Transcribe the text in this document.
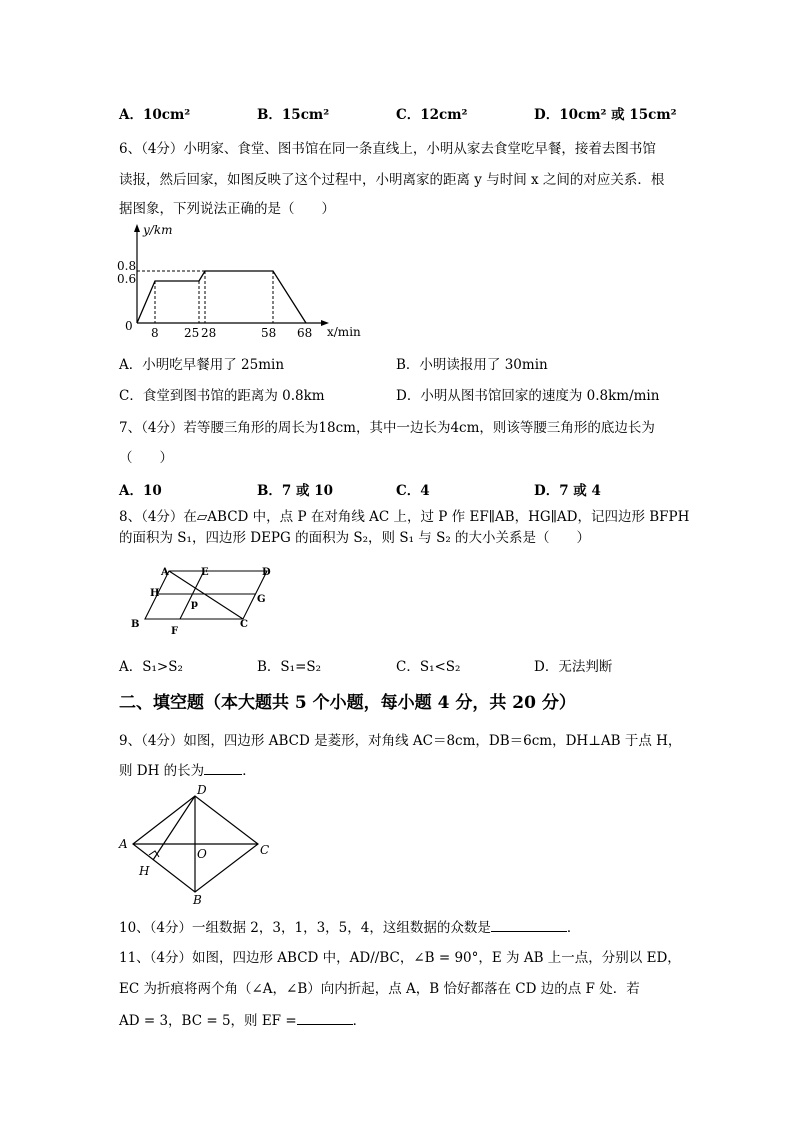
A．10cm²	B．15cm²	C．12cm²	D．10cm² 或 15cm²
6、（4分）小明家、食堂、图书馆在同一条直线上，小明从家去食堂吃早餐，接着去图书馆
读报，然后回家，如图反映了这个过程中，小明离家的距离 y 与时间 x 之间的对应关系．根
据图象，下列说法正确的是（　　）
y/km
x/min
0
0.8
0.6
8 25 28	58 68
A．小明吃早餐用了 25min	B．小明读报用了 30min
C．食堂到图书馆的距离为 0.8km	D．小明从图书馆回家的速度为 0.8km/min
7、（4分）若等腰三角形的周长为18cm，其中一边长为4cm，则该等腰三角形的底边长为
（　　）
A．10	B．7 或 10	C．4	D．7 或 4
8、（4分）在▱ABCD 中，点 P 在对角线 AC 上，过 P 作 EF∥AB，HG∥AD，记四边形 BFPH
的面积为 S₁，四边形 DEPG 的面积为 S₂，则 S₁ 与 S₂ 的大小关系是（　　）
A	E	D
H
G
p
B
F
C
A．S₁>S₂	B．S₁=S₂	C．S₁<S₂	D．无法判断
二、填空题（本大题共 5 个小题，每小题 4 分，共 20 分）
9、（4分）如图，四边形 ABCD 是菱形，对角线 AC＝8cm，DB＝6cm，DH⊥AB 于点 H，
则 DH 的长为	．
D
A	C
O
H
B
10、（4分）一组数据 2，3，1，3，5，4，这组数据的众数是	．
11、（4分）如图，四边形 ABCD 中，AD//BC，∠B = 90°，E 为 AB 上一点，分别以 ED，
EC 为折痕将两个角（∠A，∠B）向内折起，点 A，B 恰好都落在 CD 边的点 F 处．若
AD = 3，BC = 5，则 EF =	．
